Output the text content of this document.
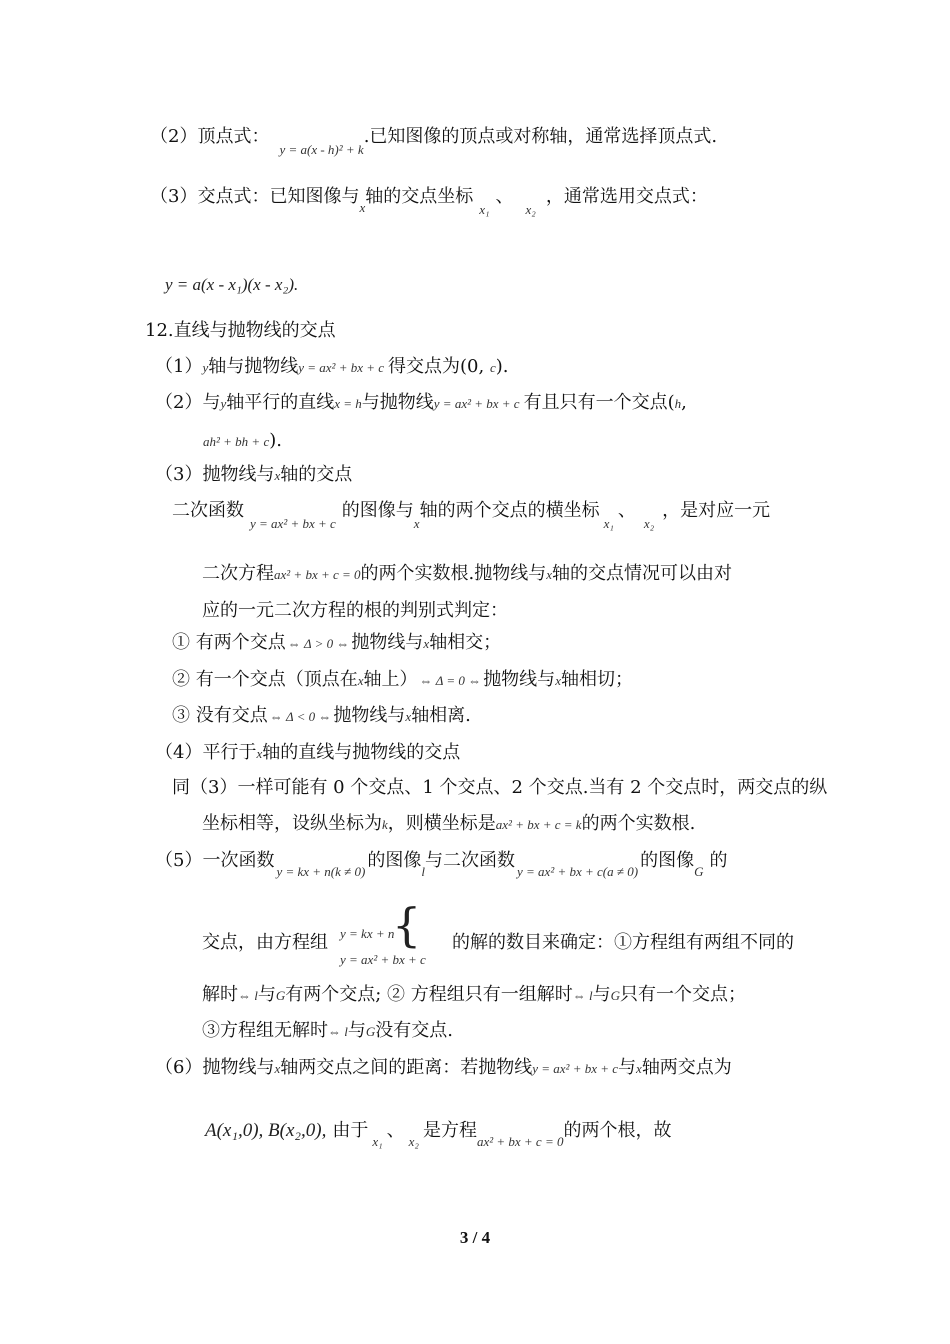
（2）顶点式：$_{y = a(x - h)^2 + k}$.已知图像的顶点或对称轴，通常选择顶点式.
（3）交点式：已知图像与$_x$轴的交点坐标$_{x_1}$、$_{x_2}$，通常选用交点式：
y = a(x - x₁)(x - x₂).
12.直线与抛物线的交点
（1）y轴与抛物线y = ax² + bx + c 得交点为(0, c).
（2）与y轴平行的直线x = h与抛物线y = ax² + bx + c 有且只有一个交点(h,
ah² + bh + c).
（3）抛物线与x轴的交点
二次函数$_{y = ax^2 + bx + c}$的图像与$_x$轴的两个交点的横坐标$_{x_1}$、$_{x_2}$，是对应一元
二次方程ax² + bx + c = 0的两个实数根.抛物线与x轴的交点情况可以由对
应的一元二次方程的根的判别式判定：
① 有两个交点 ⇔ Δ > 0 ⇔ 抛物线与x轴相交；
② 有一个交点（顶点在x轴上） ⇔ Δ = 0 ⇔ 抛物线与x轴相切；
③ 没有交点 ⇔ Δ < 0 ⇔ 抛物线与x轴相离.
（4）平行于x轴的直线与抛物线的交点
同（3）一样可能有 0 个交点、1 个交点、2 个交点.当有 2 个交点时，两交点的纵
坐标相等，设纵坐标为k，则横坐标是ax² + bx + c = k的两个实数根.
（5）一次函数$_{y = kx + n(k \ne 0)}$的图像$_l$与二次函数$_{y = ax^2 + bx + c(a \ne 0)}$的图像$_G$的
交点，由方程组 {
y = kx + n
y = ax² + bx + c
的解的数目来确定：①方程组有两组不同的
解时⇔ l与G有两个交点; ② 方程组只有一组解时⇔ l与G只有一个交点；
③方程组无解时⇔ l与G没有交点.
（6）抛物线与x轴两交点之间的距离：若抛物线y = ax² + bx + c与x轴两交点为
A(x₁,0), B(x₂,0), 由于$_{x_1}$、$_{x_2}$是方程$_{ax^2 + bx + c = 0}$的两个根，故
3 / 4
